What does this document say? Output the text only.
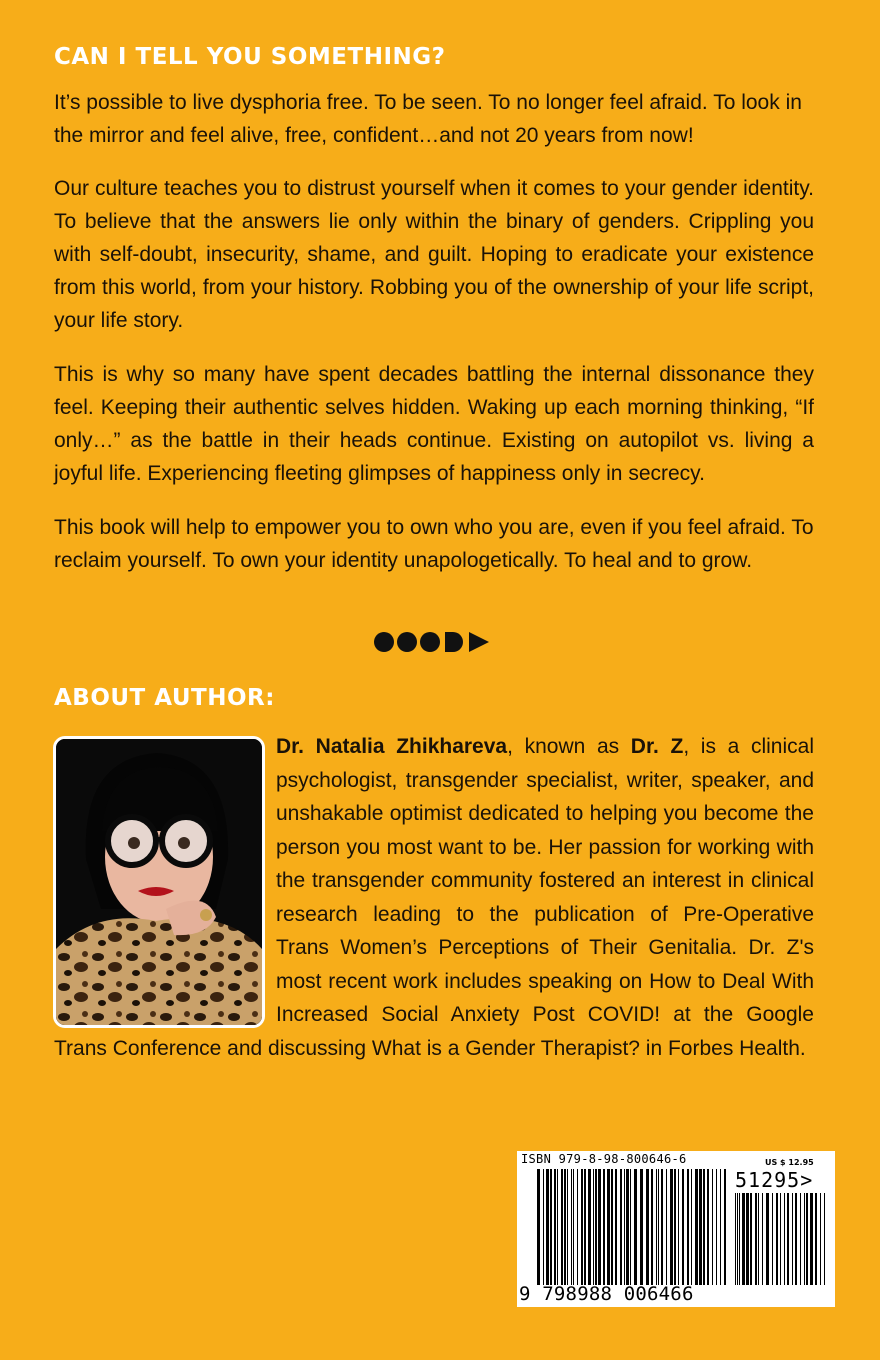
CAN I TELL YOU SOMETHING?

It’s possible to live dysphoria free. To be seen. To no longer feel afraid. To look in the mirror and feel alive, free, confident…and not 20 years from now!

Our culture teaches you to distrust yourself when it comes to your gender identity. To believe that the answers lie only within the binary of genders. Crippling you with self-doubt, insecurity, shame, and guilt. Hoping to eradicate your existence from this world, from your history. Robbing you of the ownership of your life script, your life story.

This is why so many have spent decades battling the internal dissonance they feel. Keeping their authentic selves hidden. Waking up each morning thinking, “If only…” as the battle in their heads continue. Existing on autopilot vs. living a joyful life. Experiencing fleeting glimpses of happiness only in secrecy.

This book will help to empower you to own who you are, even if you feel afraid. To reclaim yourself. To own your identity unapologetically. To heal and to grow.

ABOUT AUTHOR:

Dr. Natalia Zhikhareva, known as Dr. Z, is a clinical psychologist, transgender specialist, writer, speaker, and unshakable optimist dedicated to helping you become the person you most want to be. Her passion for working with the transgender community fostered an interest in clinical research leading to the publication of Pre-Operative Trans Women’s Perceptions of Their Genitalia. Dr. Z's most recent work includes speaking on How to Deal With Increased Social Anxiety Post COVID! at the Google Trans Conference and discussing What is a Gender Therapist? in Forbes Health.

ISBN 979-8-98-800646-6	US $ 12.95
51295>
9 798988 006466
